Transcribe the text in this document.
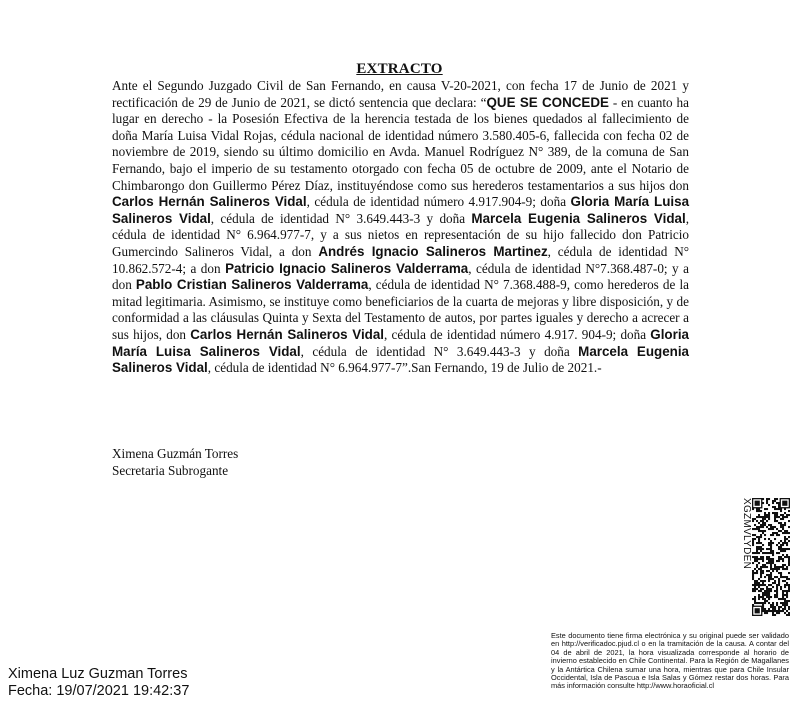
EXTRACTO
Ante el Segundo Juzgado Civil de San Fernando, en causa V-20-2021, con fecha 17 de Junio de 2021 y rectificación de 29 de Junio de 2021, se dictó sentencia que declara: “QUE SE CONCEDE - en cuanto ha lugar en derecho - la Posesión Efectiva de la herencia testada de los bienes quedados al fallecimiento de doña María Luisa Vidal Rojas, cédula nacional de identidad número 3.580.405-6, fallecida con fecha 02 de noviembre de 2019, siendo su último domicilio en Avda. Manuel Rodríguez N° 389, de la comuna de San Fernando, bajo el imperio de su testamento otorgado con fecha 05 de octubre de 2009, ante el Notario de Chimbarongo don Guillermo Pérez Díaz, instituyéndose como sus herederos testamentarios a sus hijos don Carlos Hernán Salineros Vidal, cédula de identidad número 4.917.904-9; doña Gloria María Luisa Salineros Vidal, cédula de identidad N° 3.649.443-3 y doña Marcela Eugenia Salineros Vidal, cédula de identidad N° 6.964.977-7, y a sus nietos en representación de su hijo fallecido don Patricio Gumercindo Salineros Vidal, a don Andrés Ignacio Salineros Martinez, cédula de identidad N° 10.862.572-4; a don Patricio Ignacio Salineros Valderrama, cédula de identidad N°7.368.487-0; y a don Pablo Cristian Salineros Valderrama, cédula de identidad N° 7.368.488-9, como herederos de la mitad legitimaria. Asimismo, se instituye como beneficiarios de la cuarta de mejoras y libre disposición, y de conformidad a las cláusulas Quinta y Sexta del Testamento de autos, por partes iguales y derecho a acrecer a sus hijos, don Carlos Hernán Salineros Vidal, cédula de identidad número 4.917. 904-9; doña Gloria María Luisa Salineros Vidal, cédula de identidad N° 3.649.443-3 y doña Marcela Eugenia Salineros Vidal, cédula de identidad N° 6.964.977-7”.San Fernando, 19 de Julio de 2021.-
Ximena Guzmán Torres
Secretaria Subrogante
XGZMVLYDEN
Este documento tiene firma electrónica y su original puede ser validado en http://verificadoc.pjud.cl o en la tramitación de la causa. A contar del 04 de abril de 2021, la hora visualizada corresponde al horario de invierno establecido en Chile Continental. Para la Región de Magallanes y la Antártica Chilena sumar una hora, mientras que para Chile Insular Occidental, Isla de Pascua e Isla Salas y Gómez restar dos horas. Para más información consulte http://www.horaoficial.cl
Ximena Luz Guzman Torres
Fecha: 19/07/2021 19:42:37
